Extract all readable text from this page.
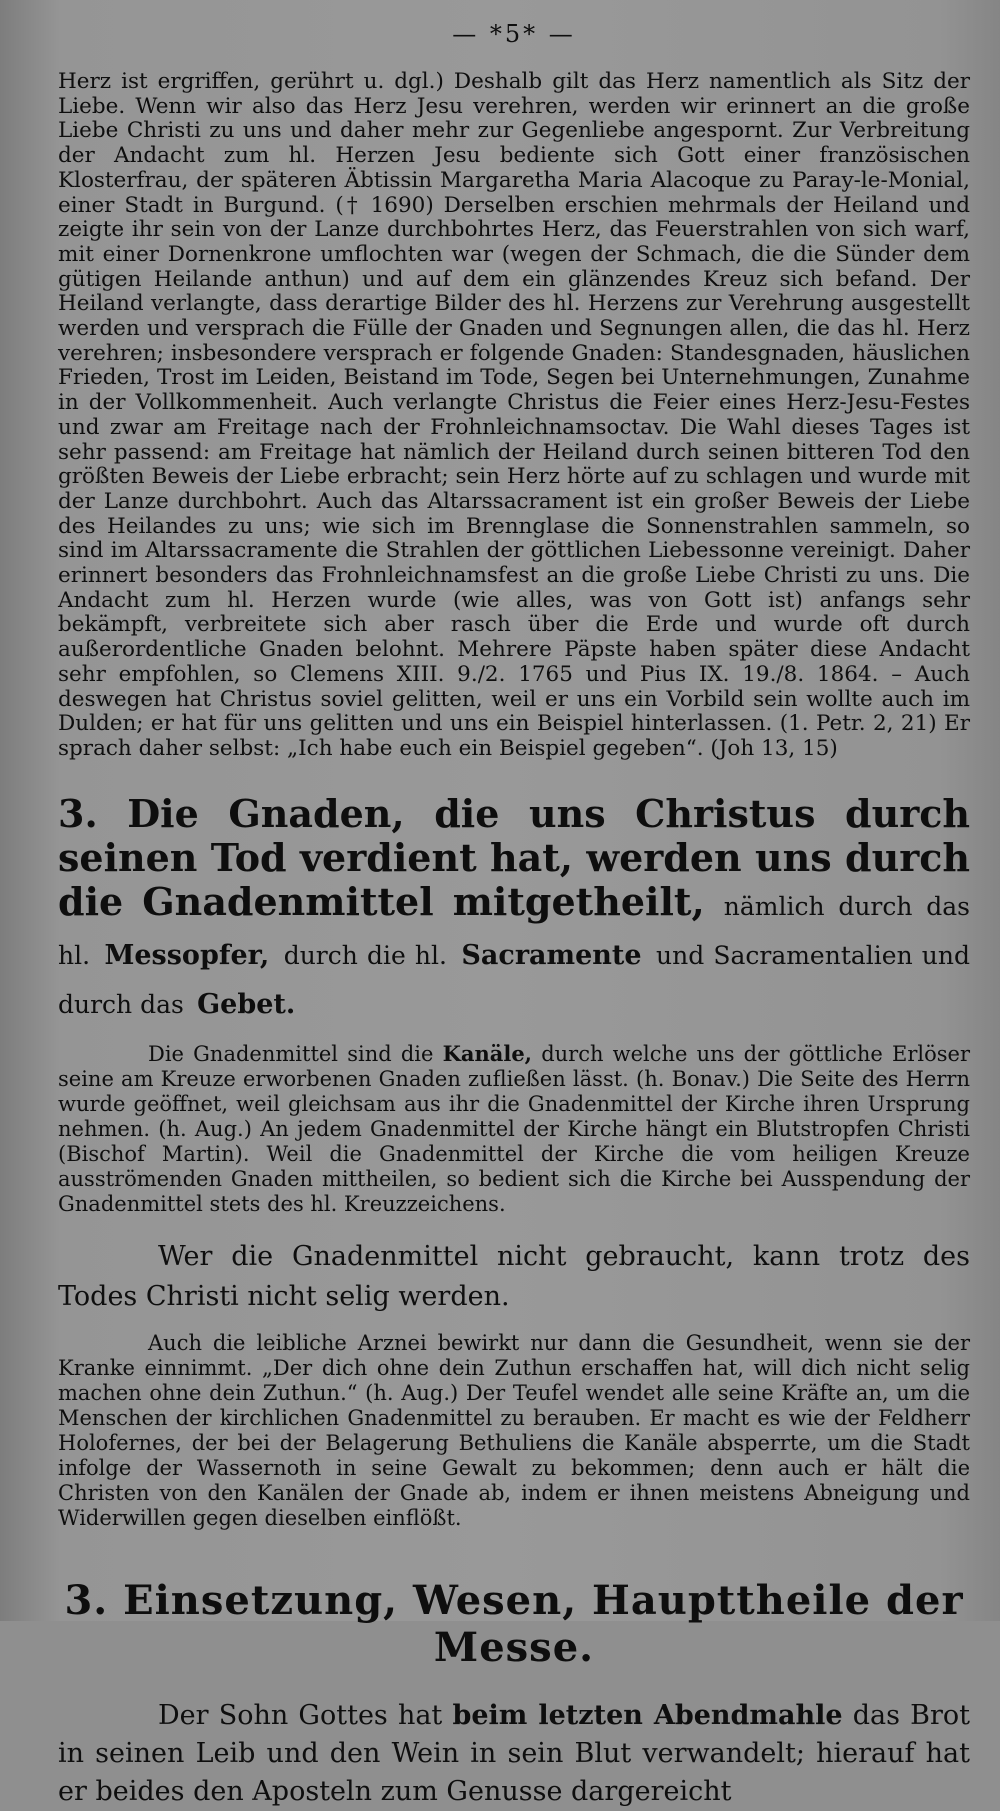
— *5* —

Herz ist ergriffen, gerührt u. dgl.) Deshalb gilt das Herz namentlich als Sitz der Liebe. Wenn wir also das Herz Jesu verehren, werden wir erinnert an die große Liebe Christi zu uns und daher mehr zur Gegenliebe angespornt. Zur Verbreitung der Andacht zum hl. Herzen Jesu bediente sich Gott einer französischen Klosterfrau, der späteren Äbtissin Margaretha Maria Alacoque zu Paray-le-Monial, einer Stadt in Burgund. († 1690) Derselben erschien mehrmals der Heiland und zeigte ihr sein von der Lanze durchbohrtes Herz, das Feuerstrahlen von sich warf, mit einer Dornenkrone umflochten war (wegen der Schmach, die die Sünder dem gütigen Heilande anthun) und auf dem ein glänzendes Kreuz sich befand. Der Heiland verlangte, dass derartige Bilder des hl. Herzens zur Verehrung ausgestellt werden und versprach die Fülle der Gnaden und Segnungen allen, die das hl. Herz verehren; insbesondere versprach er folgende Gnaden: Standesgnaden, häuslichen Frieden, Trost im Leiden, Beistand im Tode, Segen bei Unternehmungen, Zunahme in der Vollkommenheit. Auch verlangte Christus die Feier eines Herz-Jesu-Festes und zwar am Freitage nach der Frohnleichnamsoctav. Die Wahl dieses Tages ist sehr passend: am Freitage hat nämlich der Heiland durch seinen bitteren Tod den größten Beweis der Liebe erbracht; sein Herz hörte auf zu schlagen und wurde mit der Lanze durchbohrt. Auch das Altarssacrament ist ein großer Beweis der Liebe des Heilandes zu uns; wie sich im Brennglase die Sonnenstrahlen sammeln, so sind im Altarssacramente die Strahlen der göttlichen Liebessonne vereinigt. Daher erinnert besonders das Frohnleichnamsfest an die große Liebe Christi zu uns. Die Andacht zum hl. Herzen wurde (wie alles, was von Gott ist) anfangs sehr bekämpft, verbreitete sich aber rasch über die Erde und wurde oft durch außerordentliche Gnaden belohnt. Mehrere Päpste haben später diese Andacht sehr empfohlen, so Clemens XIII. 9./2. 1765 und Pius IX. 19./8. 1864. – Auch deswegen hat Christus soviel gelitten, weil er uns ein Vorbild sein wollte auch im Dulden; er hat für uns gelitten und uns ein Beispiel hinterlassen. (1. Petr. 2, 21) Er sprach daher selbst: „Ich habe euch ein Beispiel gegeben“. (Joh 13, 15)

3. Die Gnaden, die uns Christus durch seinen Tod verdient hat, werden uns durch die Gnadenmittel mitgetheilt, nämlich durch das hl. Messopfer, durch die hl. Sacramente und Sacramentalien und durch das Gebet.

Die Gnadenmittel sind die Kanäle, durch welche uns der göttliche Erlöser seine am Kreuze erworbenen Gnaden zufließen lässt. (h. Bonav.) Die Seite des Herrn wurde geöffnet, weil gleichsam aus ihr die Gnadenmittel der Kirche ihren Ursprung nehmen. (h. Aug.) An jedem Gnadenmittel der Kirche hängt ein Blutstropfen Christi (Bischof Martin). Weil die Gnadenmittel der Kirche die vom heiligen Kreuze ausströmenden Gnaden mittheilen, so bedient sich die Kirche bei Ausspendung der Gnadenmittel stets des hl. Kreuzzeichens.

Wer die Gnadenmittel nicht gebraucht, kann trotz des Todes Christi nicht selig werden.

Auch die leibliche Arznei bewirkt nur dann die Gesundheit, wenn sie der Kranke einnimmt. „Der dich ohne dein Zuthun erschaffen hat, will dich nicht selig machen ohne dein Zuthun.“ (h. Aug.) Der Teufel wendet alle seine Kräfte an, um die Menschen der kirchlichen Gnadenmittel zu berauben. Er macht es wie der Feldherr Holofernes, der bei der Belagerung Bethuliens die Kanäle absperrte, um die Stadt infolge der Wassernoth in seine Gewalt zu bekommen; denn auch er hält die Christen von den Kanälen der Gnade ab, indem er ihnen meistens Abneigung und Widerwillen gegen dieselben einflößt.

3. Einsetzung, Wesen, Haupttheile der Messe.

Der Sohn Gottes hat beim letzten Abendmahle das Brot in seinen Leib und den Wein in sein Blut verwandelt; hierauf hat er beides den Aposteln zum Genusse dargereicht
